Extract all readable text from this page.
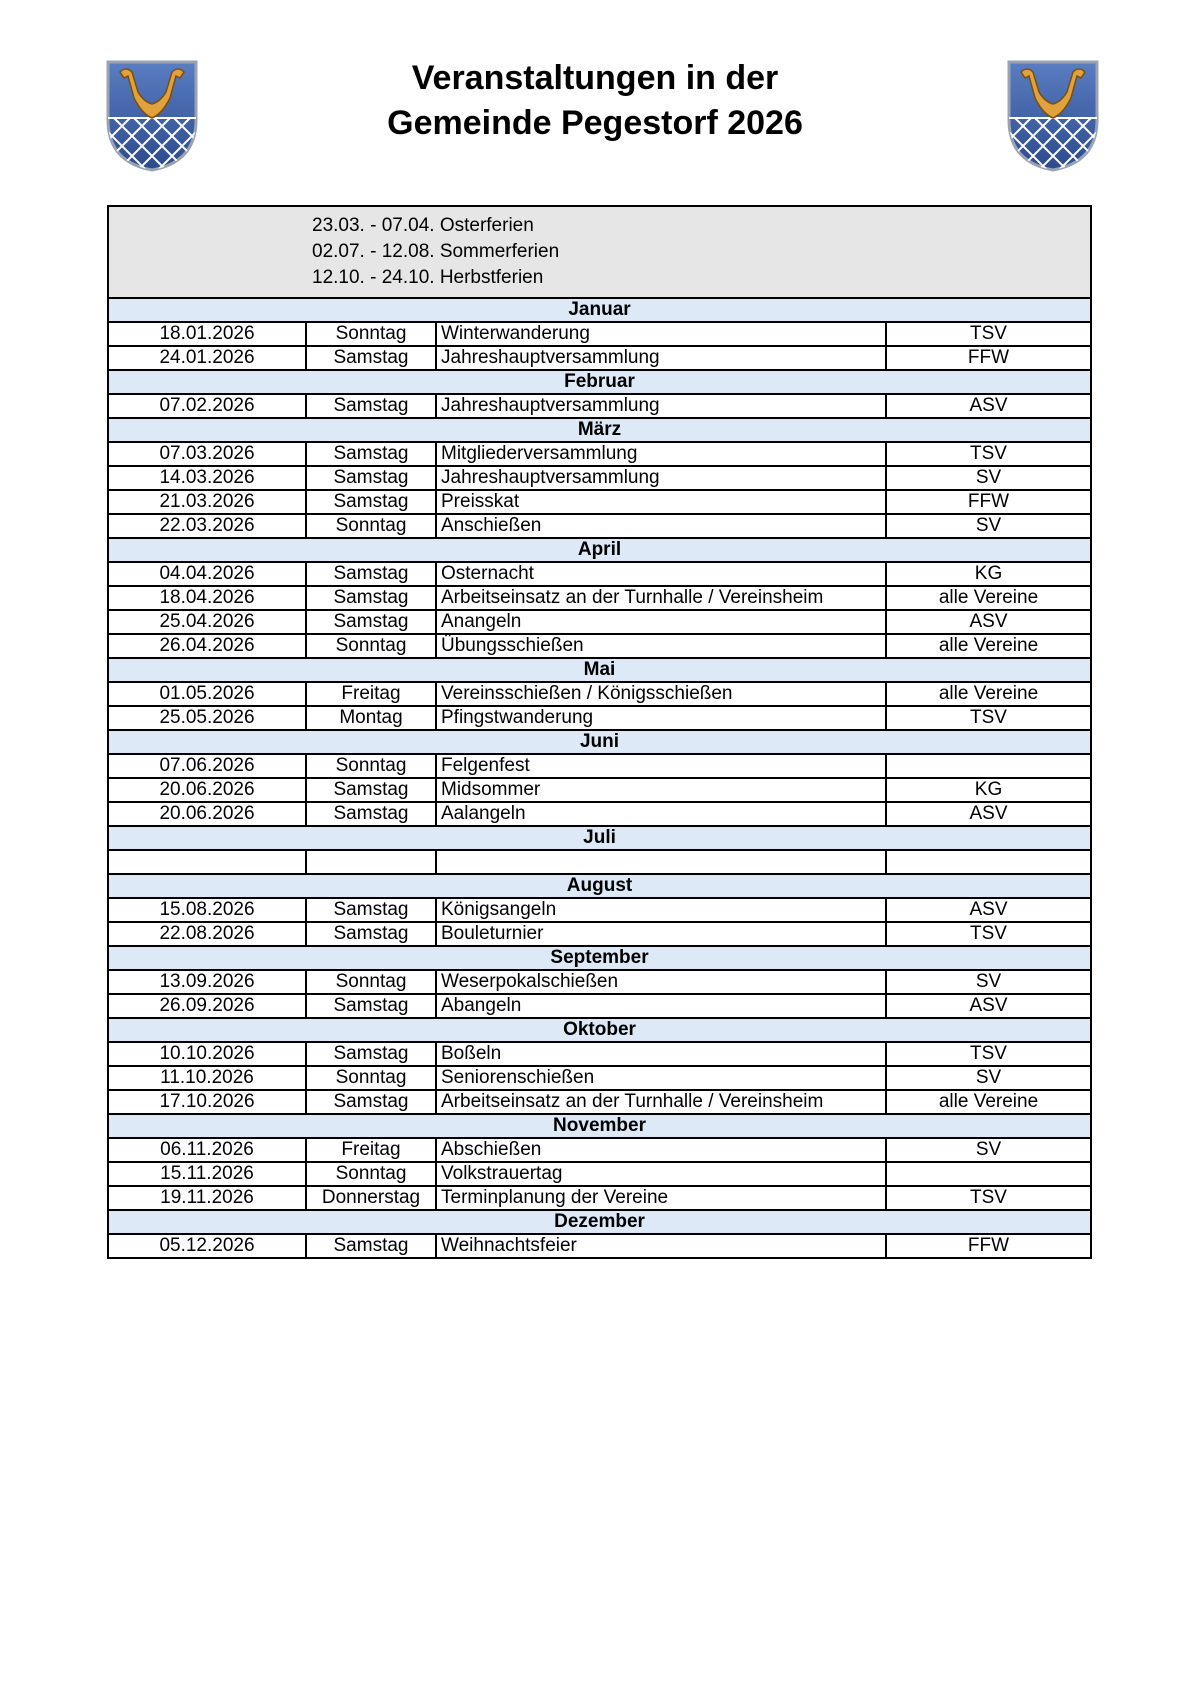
Veranstaltungen in der
Gemeinde Pegestorf 2026
23.03. - 07.04. Osterferien
02.07. - 12.08. Sommerferien
12.10. - 24.10. Herbstferien			

Januar			
18.01.2026	Sonntag	Winterwanderung	TSV
24.01.2026	Samstag	Jahreshauptversammlung	FFW
Februar			
07.02.2026	Samstag	Jahreshauptversammlung	ASV
März			
07.03.2026	Samstag	Mitgliederversammlung	TSV
14.03.2026	Samstag	Jahreshauptversammlung	SV
21.03.2026	Samstag	Preisskat	FFW
22.03.2026	Sonntag	Anschießen	SV
April			
04.04.2026	Samstag	Osternacht	KG
18.04.2026	Samstag	Arbeitseinsatz an der Turnhalle / Vereinsheim	alle Vereine
25.04.2026	Samstag	Anangeln	ASV
26.04.2026	Sonntag	Übungsschießen	alle Vereine
Mai			
01.05.2026	Freitag	Vereinsschießen / Königsschießen	alle Vereine
25.05.2026	Montag	Pfingstwanderung	TSV
Juni			
07.06.2026	Sonntag	Felgenfest	
20.06.2026	Samstag	Midsommer	KG
20.06.2026	Samstag	Aalangeln	ASV
Juli			

August			
15.08.2026	Samstag	Königsangeln	ASV
22.08.2026	Samstag	Bouleturnier	TSV
September			
13.09.2026	Sonntag	Weserpokalschießen	SV
26.09.2026	Samstag	Abangeln	ASV
Oktober			
10.10.2026	Samstag	Boßeln	TSV
11.10.2026	Sonntag	Seniorenschießen	SV
17.10.2026	Samstag	Arbeitseinsatz an der Turnhalle / Vereinsheim	alle Vereine
November			
06.11.2026	Freitag	Abschießen	SV
15.11.2026	Sonntag	Volkstrauertag	
19.11.2026	Donnerstag	Terminplanung der Vereine	TSV
Dezember			
05.12.2026	Samstag	Weihnachtsfeier	FFW
